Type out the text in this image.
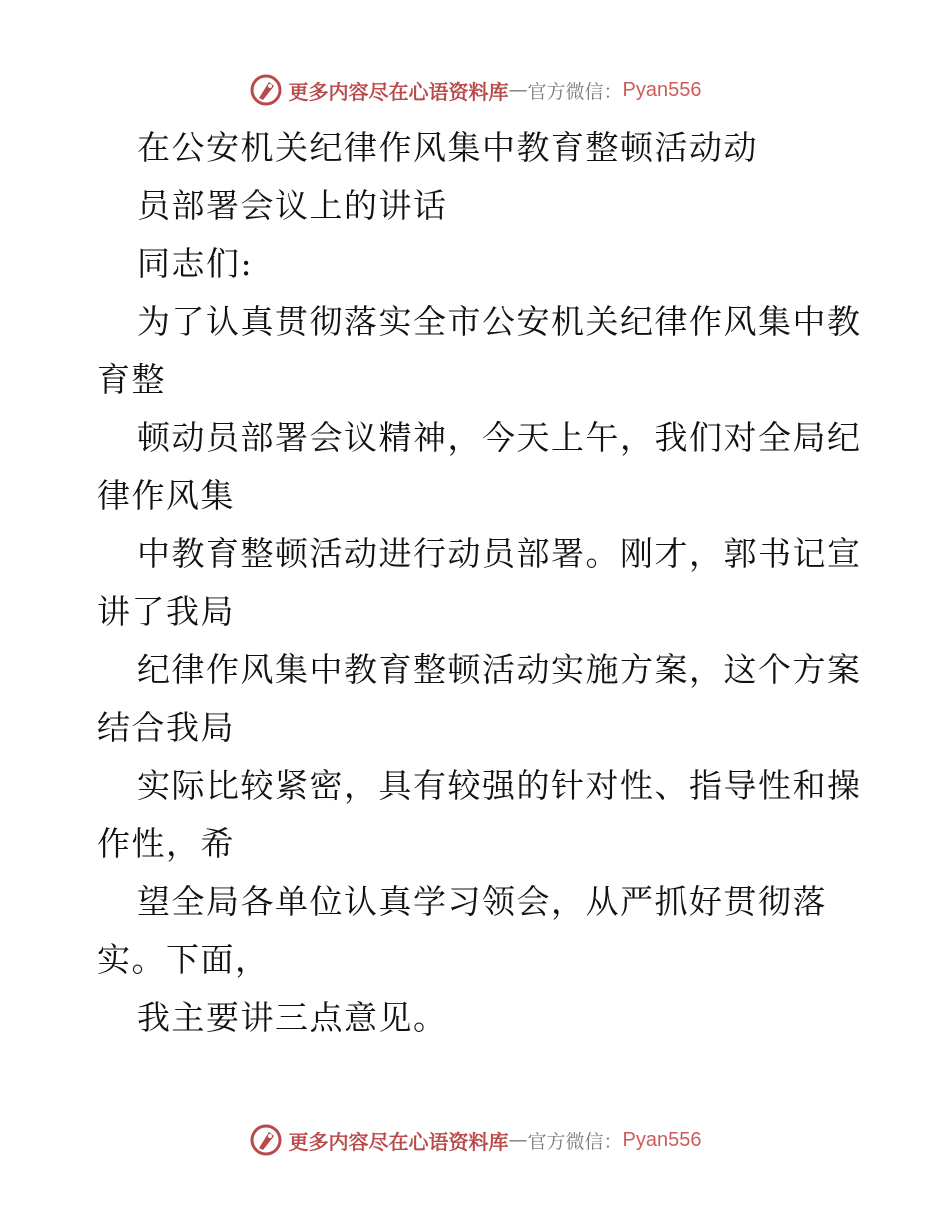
更多内容尽在心语资料库 — 官方微信： Pyan556
在公安机关纪律作风集中教育整顿活动动
员部署会议上的讲话
同志们:
为了认真贯彻落实全市公安机关纪律作风集中教
育整
顿动员部署会议精神，今天上午，我们对全局纪
律作风集
中教育整顿活动进行动员部署。刚才，郭书记宣
讲了我局
纪律作风集中教育整顿活动实施方案，这个方案
结合我局
实际比较紧密，具有较强的针对性、指导性和操
作性，希
望全局各单位认真学习领会，从严抓好贯彻落
实。下面，
我主要讲三点意见。
更多内容尽在心语资料库 — 官方微信： Pyan556
